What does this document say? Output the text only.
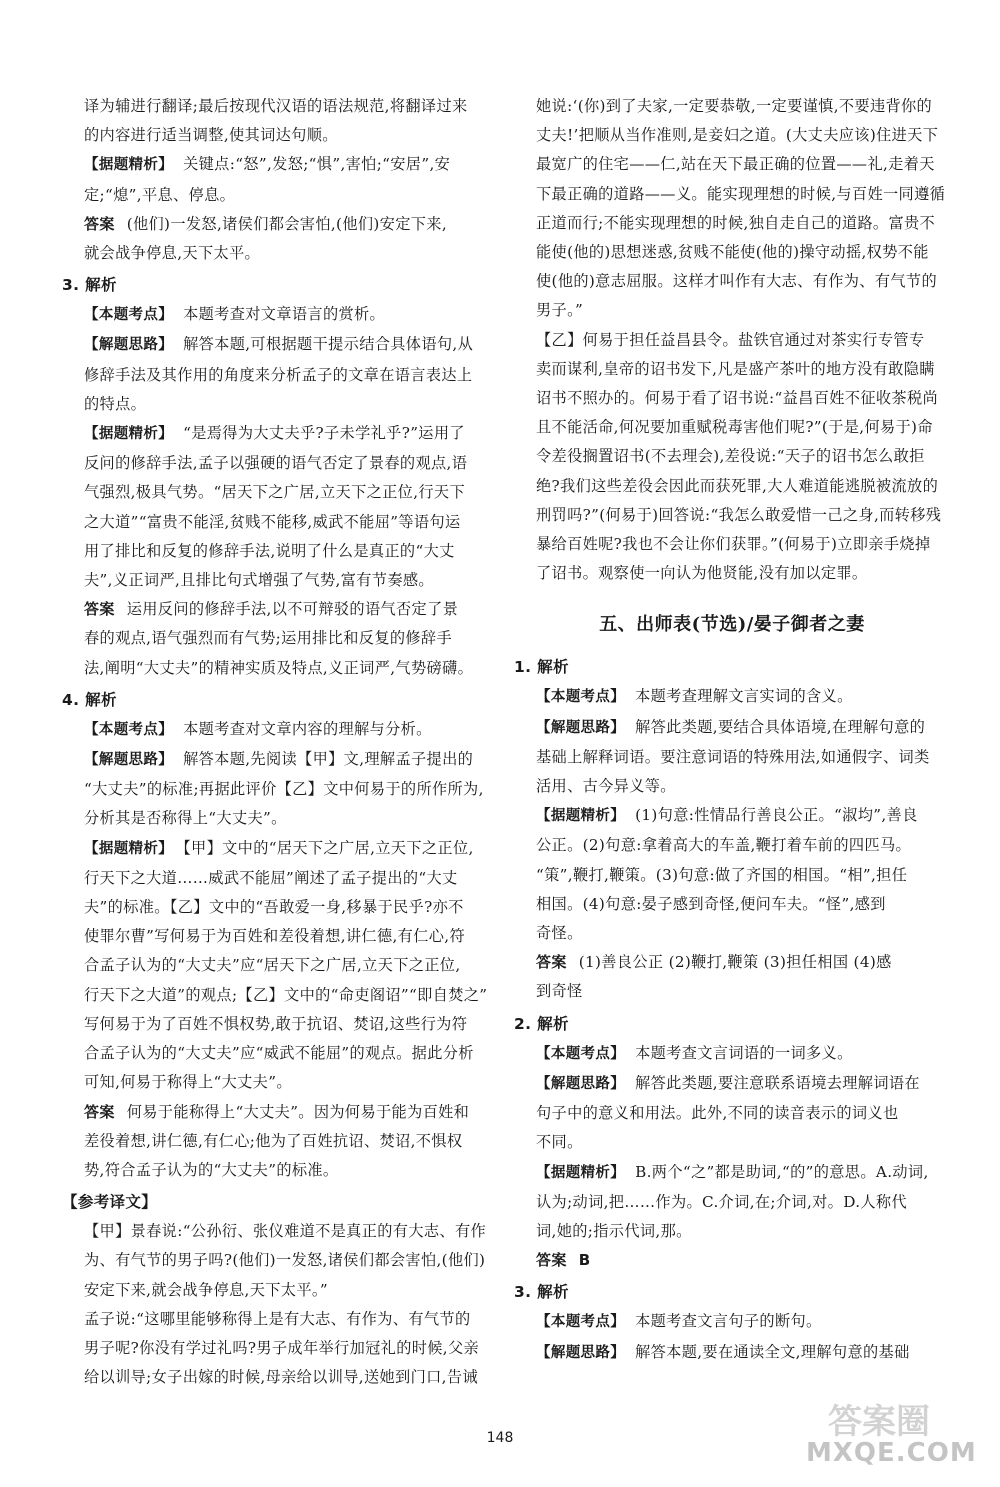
译为辅进行翻译;最后按现代汉语的语法规范,将翻译过来
的内容进行适当调整,使其词达句顺。

【据题精析】 关键点:“怒”,发怒;“惧”,害怕;“安居”,安
定;“熄”,平息、停息。

答案 (他们)一发怒,诸侯们都会害怕,(他们)安定下来,
就会战争停息,天下太平。

3. 解析

【本题考点】 本题考查对文章语言的赏析。

【解题思路】 解答本题,可根据题干提示结合具体语句,从
修辞手法及其作用的角度来分析孟子的文章在语言表达上
的特点。

【据题精析】 “是焉得为大丈夫乎?子未学礼乎?”运用了
反问的修辞手法,孟子以强硬的语气否定了景春的观点,语
气强烈,极具气势。“居天下之广居,立天下之正位,行天下
之大道”“富贵不能淫,贫贱不能移,威武不能屈”等语句运
用了排比和反复的修辞手法,说明了什么是真正的“大丈
夫”,义正词严,且排比句式增强了气势,富有节奏感。

答案 运用反问的修辞手法,以不可辩驳的语气否定了景
春的观点,语气强烈而有气势;运用排比和反复的修辞手
法,阐明“大丈夫”的精神实质及特点,义正词严,气势磅礴。

4. 解析

【本题考点】 本题考查对文章内容的理解与分析。

【解题思路】 解答本题,先阅读【甲】文,理解孟子提出的
“大丈夫”的标准;再据此评价【乙】文中何易于的所作所为,
分析其是否称得上“大丈夫”。

【据题精析】 【甲】文中的“居天下之广居,立天下之正位,
行天下之大道……威武不能屈”阐述了孟子提出的“大丈
夫”的标准。【乙】文中的“吾敢爱一身,移暴于民乎?亦不
使罪尔曹”写何易于为百姓和差役着想,讲仁德,有仁心,符
合孟子认为的“大丈夫”应“居天下之广居,立天下之正位,
行天下之大道”的观点;【乙】文中的“命吏阁诏”“即自焚之”
写何易于为了百姓不惧权势,敢于抗诏、焚诏,这些行为符
合孟子认为的“大丈夫”应“威武不能屈”的观点。据此分析
可知,何易于称得上“大丈夫”。

答案 何易于能称得上“大丈夫”。因为何易于能为百姓和
差役着想,讲仁德,有仁心;他为了百姓抗诏、焚诏,不惧权
势,符合孟子认为的“大丈夫”的标准。

【参考译文】

【甲】景春说:“公孙衍、张仪难道不是真正的有大志、有作
为、有气节的男子吗?(他们)一发怒,诸侯们都会害怕,(他们)
安定下来,就会战争停息,天下太平。”

孟子说:“这哪里能够称得上是有大志、有作为、有气节的
男子呢?你没有学过礼吗?男子成年举行加冠礼的时候,父亲
给以训导;女子出嫁的时候,母亲给以训导,送她到门口,告诫

她说:‘(你)到了夫家,一定要恭敬,一定要谨慎,不要违背你的
丈夫!’把顺从当作准则,是妾妇之道。(大丈夫应该)住进天下
最宽广的住宅——仁,站在天下最正确的位置——礼,走着天
下最正确的道路——义。能实现理想的时候,与百姓一同遵循
正道而行;不能实现理想的时候,独自走自己的道路。富贵不
能使(他的)思想迷惑,贫贱不能使(他的)操守动摇,权势不能
使(他的)意志屈服。这样才叫作有大志、有作为、有气节的
男子。”

【乙】何易于担任益昌县令。盐铁官通过对茶实行专管专
卖而谋利,皇帝的诏书发下,凡是盛产茶叶的地方没有敢隐瞒
诏书不照办的。何易于看了诏书说:“益昌百姓不征收茶税尚
且不能活命,何况要加重赋税毒害他们呢?”(于是,何易于)命
令差役搁置诏书(不去理会),差役说:“天子的诏书怎么敢拒
绝?我们这些差役会因此而获死罪,大人难道能逃脱被流放的
刑罚吗?”(何易于)回答说:“我怎么敢爱惜一己之身,而转移残
暴给百姓呢?我也不会让你们获罪。”(何易于)立即亲手烧掉
了诏书。观察使一向认为他贤能,没有加以定罪。

五、出师表(节选)/晏子御者之妻

1. 解析

【本题考点】 本题考查理解文言实词的含义。

【解题思路】 解答此类题,要结合具体语境,在理解句意的
基础上解释词语。要注意词语的特殊用法,如通假字、词类
活用、古今异义等。

【据题精析】 (1)句意:性情品行善良公正。“淑均”,善良
公正。(2)句意:拿着高大的车盖,鞭打着车前的四匹马。
“策”,鞭打,鞭策。(3)句意:做了齐国的相国。“相”,担任
相国。(4)句意:晏子感到奇怪,便问车夫。“怪”,感到
奇怪。

答案 (1)善良公正 (2)鞭打,鞭策 (3)担任相国 (4)感
到奇怪

2. 解析

【本题考点】 本题考查文言词语的一词多义。

【解题思路】 解答此类题,要注意联系语境去理解词语在
句子中的意义和用法。此外,不同的读音表示的词义也
不同。

【据题精析】 B.两个“之”都是助词,“的”的意思。A.动词,
认为;动词,把……作为。C.介词,在;介词,对。D.人称代
词,她的;指示代词,那。

答案 B

3. 解析

【本题考点】 本题考查文言句子的断句。

【解题思路】 解答本题,要在通读全文,理解句意的基础

148	答案圈
MXQE.COM
